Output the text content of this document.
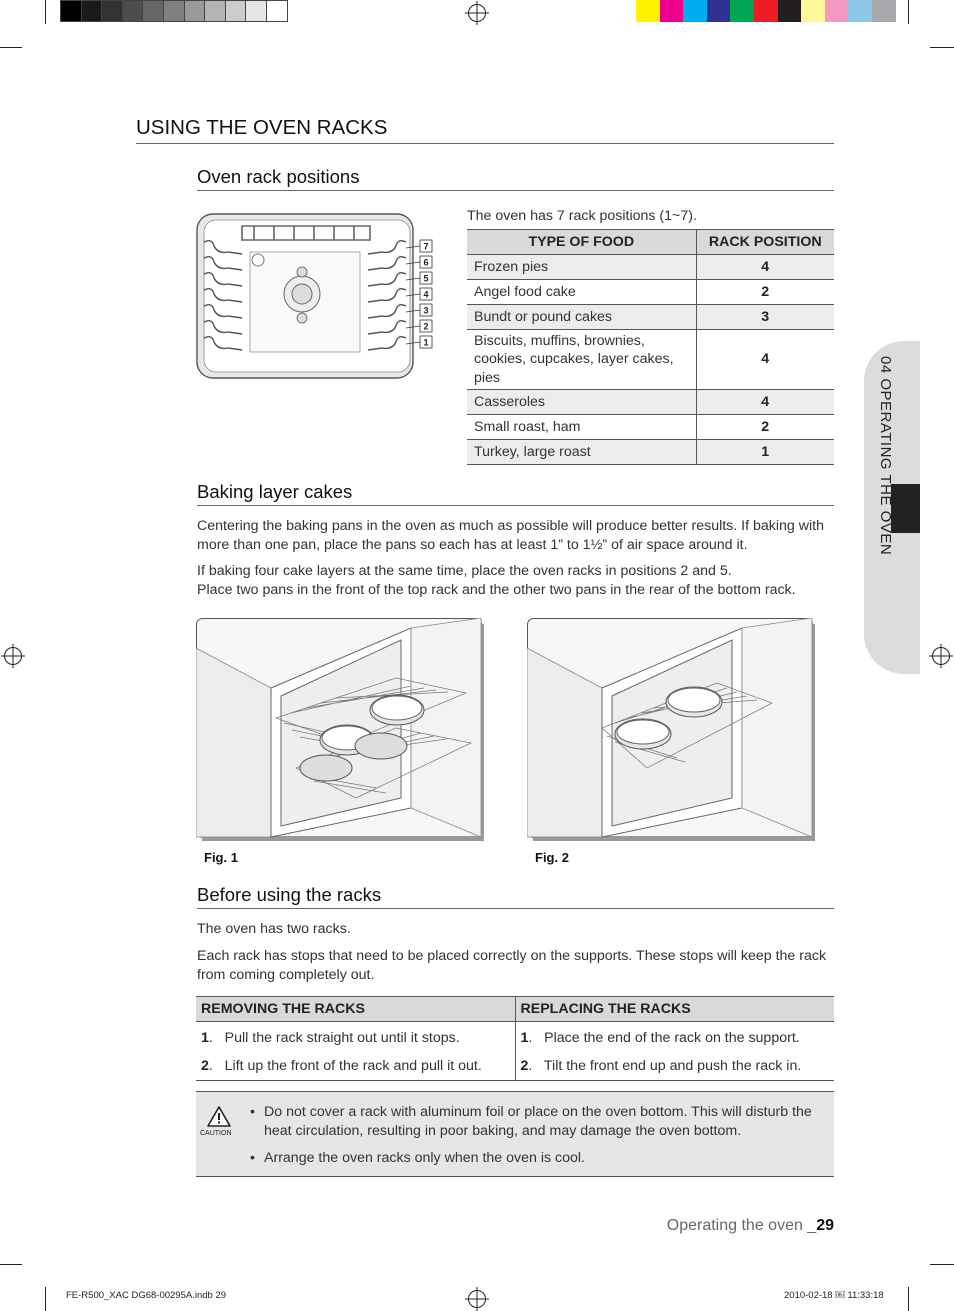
USING THE OVEN RACKS
04 OPERATING THE OVEN
Oven rack positions
7
6
5
4
3
2
1
The oven has 7 rack positions (1~7).
TYPE OF FOOD	RACK POSITION
Frozen pies	4
Angel food cake	2
Bundt or pound cakes	3
Biscuits, muffins, brownies, cookies, cupcakes, layer cakes, pies	4
Casseroles	4
Small roast, ham	2
Turkey, large roast	1
Baking layer cakes
Centering the baking pans in the oven as much as possible will produce better results. If baking with more than one pan, place the pans so each has at least 1” to 1½” of air space around it.
If baking four cake layers at the same time, place the oven racks in positions 2 and 5.
Place two pans in the front of the top rack and the other two pans in the rear of the bottom rack.
Fig. 1	Fig. 2
Before using the racks
The oven has two racks.
Each rack has stops that need to be placed correctly on the supports. These stops will keep the rack from coming completely out.
REMOVING THE RACKS	REPLACING THE RACKS
1.   Pull the rack straight out until it stops.	1.   Place the end of the rack on the support.
2.   Lift up the front of the rack and pull it out.	2.   Tilt the front end up and push the rack in.
CAUTION
• Do not cover a rack with aluminum foil or place on the oven bottom. This will disturb the heat circulation, resulting in poor baking, and may damage the oven bottom.
• Arrange the oven racks only when the oven is cool.
Operating the oven _29
FE-R500_XAC DG68-00295A.indb 29	2010-02-18 ￼ 11:33:18
